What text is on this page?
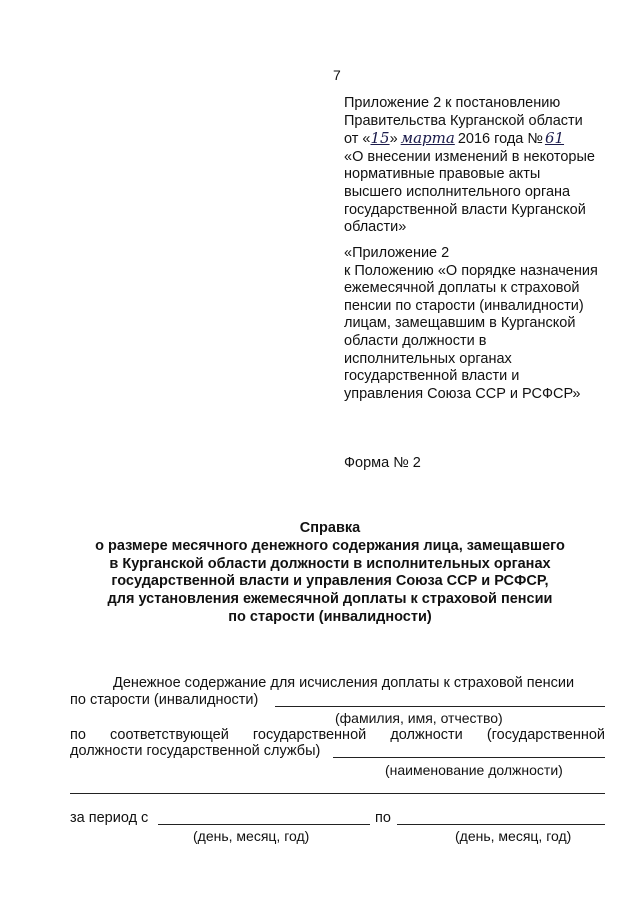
7
Приложение 2 к постановлению
Правительства Курганской области
от «15» марта 2016 года № 61
«О внесении изменений в некоторые
нормативные правовые акты
высшего исполнительного органа
государственной власти Курганской
области»
«Приложение 2
к Положению «О порядке назначения
ежемесячной доплаты к страховой
пенсии по старости (инвалидности)
лицам, замещавшим в Курганской
области должности в
исполнительных органах
государственной власти и
управления Союза ССР и РСФСР»
Форма № 2
Справка
о размере месячного денежного содержания лица, замещавшего
в Курганской области должности в исполнительных органах
государственной власти и управления Союза ССР и РСФСР,
для установления ежемесячной доплаты к страховой пенсии
по старости (инвалидности)
Денежное содержание для исчисления доплаты к страховой пенсии
по старости (инвалидности)
(фамилия, имя, отчество)
по соответствующей государственной должности (государственной
должности государственной службы)
(наименование должности)
за период с	по
(день, месяц, год)	(день, месяц, год)
